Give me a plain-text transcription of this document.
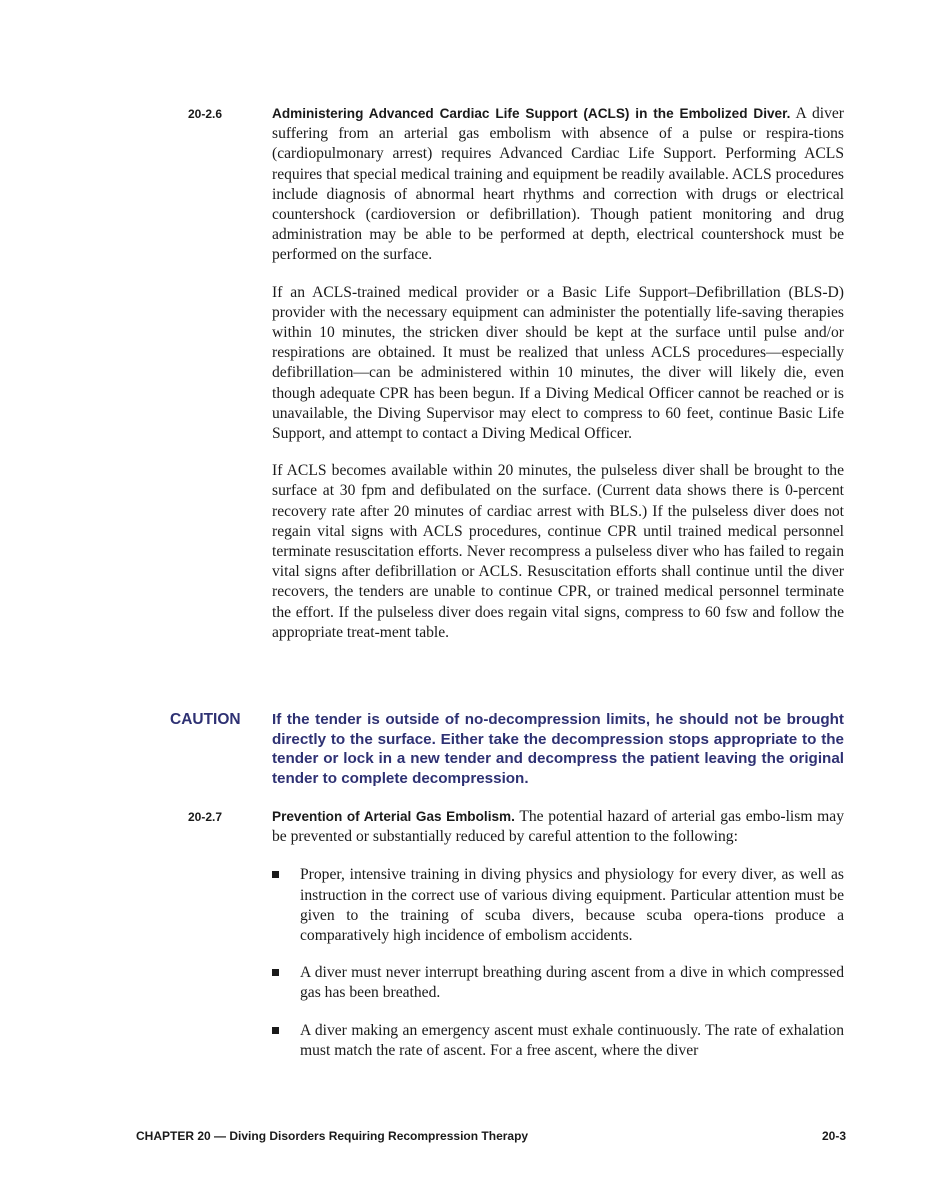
20-2.6	Administering Advanced Cardiac Life Support (ACLS) in the Embolized Diver. A diver suffering from an arterial gas embolism with absence of a pulse or respira-tions (cardiopulmonary arrest) requires Advanced Cardiac Life Support. Performing ACLS requires that special medical training and equipment be readily available. ACLS procedures include diagnosis of abnormal heart rhythms and correction with drugs or electrical countershock (cardioversion or defibrillation). Though patient monitoring and drug administration may be able to be performed at depth, electrical countershock must be performed on the surface.

If an ACLS-trained medical provider or a Basic Life Support–Defibrillation (BLS-D) provider with the necessary equipment can administer the potentially life-saving therapies within 10 minutes, the stricken diver should be kept at the surface until pulse and/or respirations are obtained. It must be realized that unless ACLS procedures—especially defibrillation—can be administered within 10 minutes, the diver will likely die, even though adequate CPR has been begun. If a Diving Medical Officer cannot be reached or is unavailable, the Diving Supervisor may elect to compress to 60 feet, continue Basic Life Support, and attempt to contact a Diving Medical Officer.

If ACLS becomes available within 20 minutes, the pulseless diver shall be brought to the surface at 30 fpm and defibulated on the surface. (Current data shows there is 0-percent recovery rate after 20 minutes of cardiac arrest with BLS.) If the pulseless diver does not regain vital signs with ACLS procedures, continue CPR until trained medical personnel terminate resuscitation efforts. Never recompress a pulseless diver who has failed to regain vital signs after defibrillation or ACLS. Resuscitation efforts shall continue until the diver recovers, the tenders are unable to continue CPR, or trained medical personnel terminate the effort. If the pulseless diver does regain vital signs, compress to 60 fsw and follow the appropriate treat-ment table.

CAUTION If the tender is outside of no-decompression limits, he should not be brought directly to the surface. Either take the decompression stops appropriate to the tender or lock in a new tender and decompress the patient leaving the original tender to complete decompression.

20-2.7	Prevention of Arterial Gas Embolism. The potential hazard of arterial gas embo-lism may be prevented or substantially reduced by careful attention to the following:

Proper, intensive training in diving physics and physiology for every diver, as well as instruction in the correct use of various diving equipment. Particular attention must be given to the training of scuba divers, because scuba opera-tions produce a comparatively high incidence of embolism accidents.
A diver must never interrupt breathing during ascent from a dive in which compressed gas has been breathed.
A diver making an emergency ascent must exhale continuously. The rate of exhalation must match the rate of ascent. For a free ascent, where the diver
CHAPTER 20 — Diving Disorders Requiring Recompression Therapy	20-3
